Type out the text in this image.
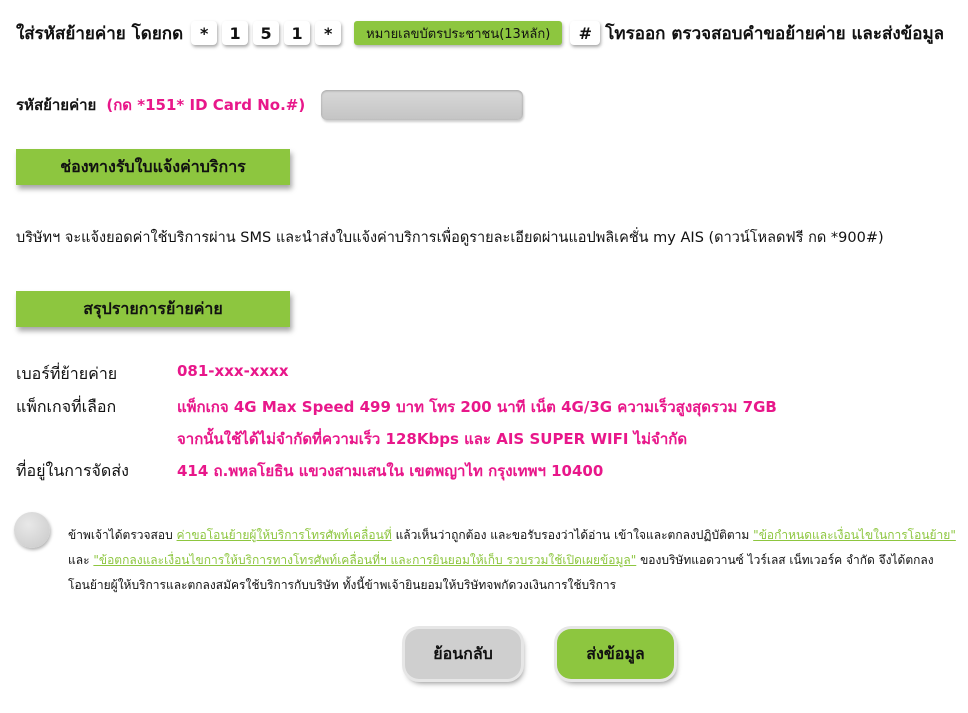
ใส่รหัสย้ายค่าย โดยกด	*	1	5	1	*	หมายเลขบัตรประชาชน(13หลัก)	# โทรออก ตรวจสอบคำขอย้ายค่าย และส่งข้อมูล
รหัสย้ายค่าย (กด *151* ID Card No.#)
ช่องทางรับใบแจ้งค่าบริการ
บริษัทฯ จะแจ้งยอดค่าใช้บริการผ่าน SMS และนำส่งใบแจ้งค่าบริการเพื่อดูรายละเอียดผ่านแอปพลิเคชั่น my AIS (ดาวน์โหลดฟรี กด *900#)
สรุปรายการย้ายค่าย
เบอร์ที่ย้ายค่าย	081-xxx-xxxx
แพ็กเกจที่เลือก	แพ็กเกจ 4G Max Speed 499 บาท โทร 200 นาที เน็ต 4G/3G ความเร็วสูงสุดรวม 7GB
จากนั้นใช้ได้ไม่จำกัดที่ความเร็ว 128Kbps และ AIS SUPER WIFI ไม่จำกัด
ที่อยู่ในการจัดส่ง	414 ถ.พหลโยธิน แขวงสามเสนใน เขตพญาไท กรุงเทพฯ 10400
ข้าพเจ้าได้ตรวจสอบ ค่าขอโอนย้ายผู้ให้บริการโทรศัพท์เคลื่อนที่ แล้วเห็นว่าถูกต้อง และขอรับรองว่าได้อ่าน เข้าใจและตกลงปฏิบัติตาม "ข้อกำหนดและเงื่อนไขในการโอนย้าย"
และ "ข้อตกลงและเงื่อนไขการให้บริการทางโทรศัพท์เคลื่อนที่ฯ และการยินยอมให้เก็บ รวบรวมใช้เปิดเผยข้อมูล" ของบริษัทแอดวานซ์ ไวร์เลส เน็ทเวอร์ค จำกัด จึงได้ตกลง
โอนย้ายผู้ให้บริการและตกลงสมัครใช้บริการกับบริษัท ทั้งนี้ข้าพเจ้ายินยอมให้บริษัทจพกัดวงเงินการใช้บริการ
ย้อนกลับ	ส่งข้อมูล
